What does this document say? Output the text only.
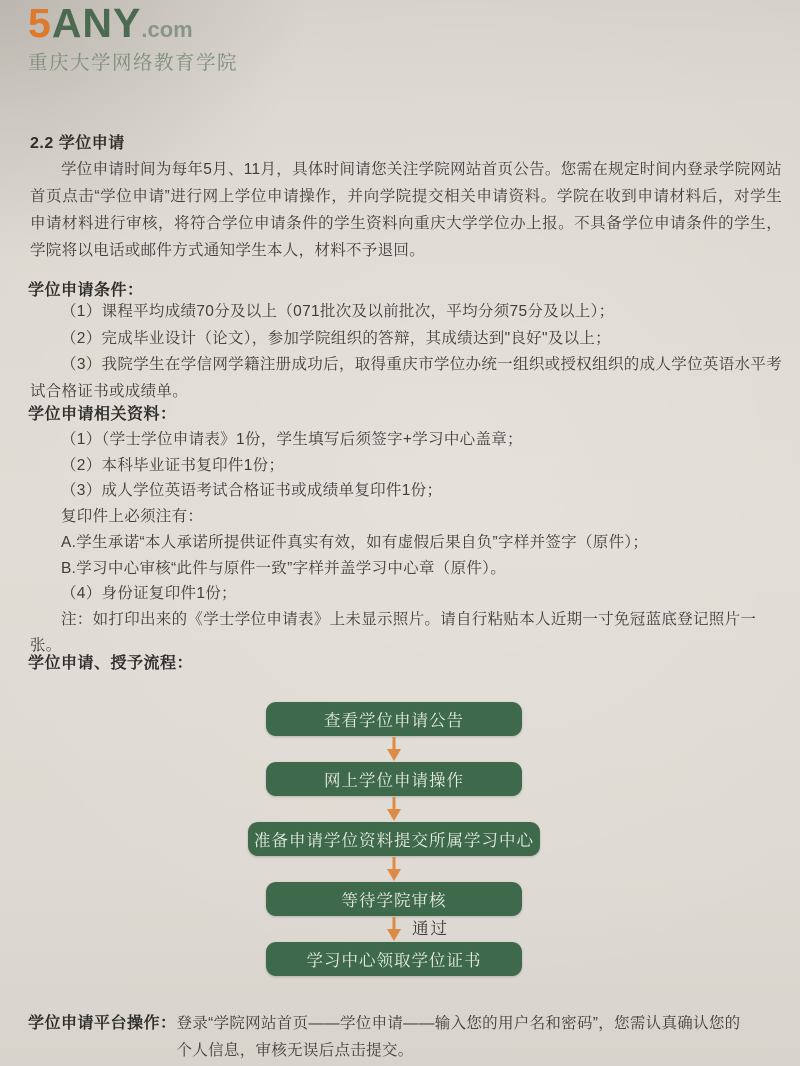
5ANY.com
重庆大学网络教育学院
2.2 学位申请
学位申请时间为每年5月、11月，具体时间请您关注学院网站首页公告。您需在规定时间内登录学院网站首页点击“学位申请”进行网上学位申请操作，并向学院提交相关申请资料。学院在收到申请材料后，对学生申请材料进行审核，将符合学位申请条件的学生资料向重庆大学学位办上报。不具备学位申请条件的学生，学院将以电话或邮件方式通知学生本人，材料不予退回。
学位申请条件：

（1）课程平均成绩70分及以上（071批次及以前批次，平均分须75分及以上）；

（2）完成毕业设计（论文），参加学院组织的答辩，其成绩达到"良好"及以上；

（3）我院学生在学信网学籍注册成功后，取得重庆市学位办统一组织或授权组织的成人学位英语水平考试合格证书或成绩单。

学位申请相关资料：

（1）（学士学位申请表》1份，学生填写后须签字+学习中心盖章；

（2）本科毕业证书复印件1份；

（3）成人学位英语考试合格证书或成绩单复印件1份；

复印件上必须注有：

A.学生承诺“本人承诺所提供证件真实有效，如有虚假后果自负”字样并签字（原件）；

B.学习中心审核“此件与原件一致”字样并盖学习中心章（原件）。

（4）身份证复印件1份；

注：如打印出来的《学士学位申请表》上未显示照片。请自行粘贴本人近期一寸免冠蓝底登记照片一张。

学位申请、授予流程：
查看学位申请公告
网上学位申请操作
准备申请学位资料提交所属学习中心
等待学院审核
通过
学习中心领取学位证书
学位申请平台操作： 登录“学院网站首页——学位申请——输入您的用户名和密码”，您需认真确认您的
个人信息，审核无误后点击提交。
